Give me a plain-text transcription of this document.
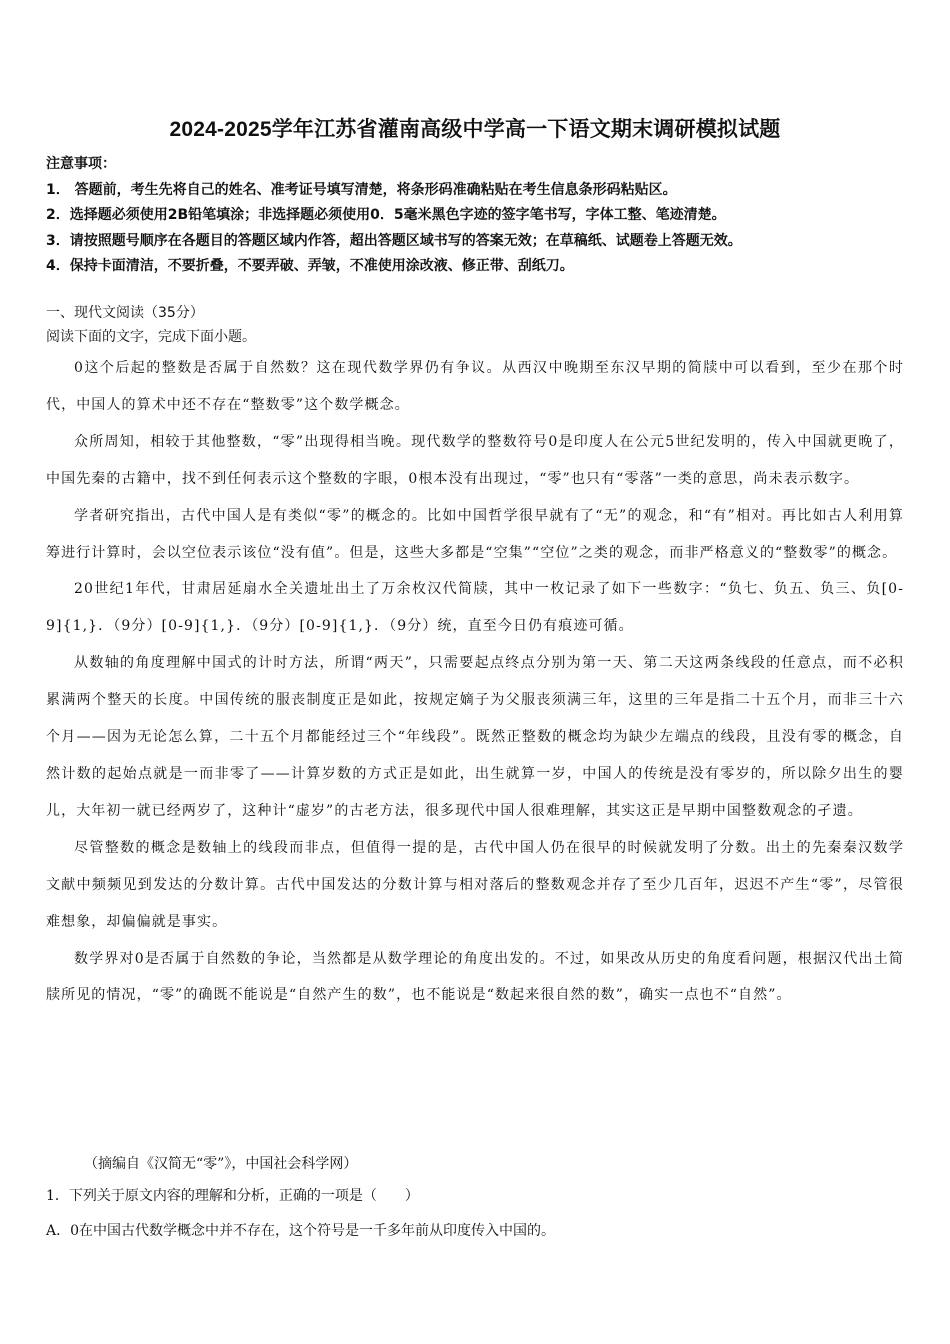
2024-2025学年江苏省灌南高级中学高一下语文期末调研模拟试题
注意事项：
1． 答题前，考生先将自己的姓名、准考证号填写清楚，将条形码准确粘贴在考生信息条形码粘贴区。
2．选择题必须使用2B铅笔填涂；非选择题必须使用0．5毫米黑色字迹的签字笔书写，字体工整、笔迹清楚。
3．请按照题号顺序在各题目的答题区域内作答，超出答题区域书写的答案无效；在草稿纸、试题卷上答题无效。
4．保持卡面清洁，不要折叠，不要弄破、弄皱，不准使用涂改液、修正带、刮纸刀。
一、现代文阅读（35分）
阅读下面的文字，完成下面小题。

0这个后起的整数是否属于自然数？这在现代数学界仍有争议。从西汉中晚期至东汉早期的简牍中可以看到，至少在那个时代，中国人的算术中还不存在“整数零”这个数学概念。

众所周知，相较于其他整数，“零”出现得相当晚。现代数学的整数符号0是印度人在公元5世纪发明的，传入中国就更晚了，中国先秦的古籍中，找不到任何表示这个整数的字眼，0根本没有出现过，“零”也只有“零落”一类的意思，尚未表示数字。

学者研究指出，古代中国人是有类似“零”的概念的。比如中国哲学很早就有了“无”的观念，和“有”相对。再比如古人利用算筹进行计算时，会以空位表示该位“没有值”。但是，这些大多都是“空集”“空位”之类的观念，而非严格意义的“整数零”的概念。

20世纪1年代，甘肃居延扇水全关遗址出土了万余枚汉代简牍，其中一枚记录了如下一些数字：“负七、负五、负三、负[0-9]{1,}．（9分）[0-9]{1,}．（9分）[0-9]{1,}．（9分）统，直至今日仍有痕迹可循。

从数轴的角度理解中国式的计时方法，所谓“两天”，只需要起点终点分别为第一天、第二天这两条线段的任意点，而不必积累满两个整天的长度。中国传统的服丧制度正是如此，按规定嫡子为父服丧须满三年，这里的三年是指二十五个月，而非三十六个月——因为无论怎么算，二十五个月都能经过三个“年线段”。既然正整数的概念均为缺少左端点的线段，且没有零的概念，自然计数的起始点就是一而非零了——计算岁数的方式正是如此，出生就算一岁，中国人的传统是没有零岁的，所以除夕出生的婴儿，大年初一就已经两岁了，这种计“虚岁”的古老方法，很多现代中国人很难理解，其实这正是早期中国整数观念的孑遗。

尽管整数的概念是数轴上的线段而非点，但值得一提的是，古代中国人仍在很早的时候就发明了分数。出土的先秦秦汉数学文献中频频见到发达的分数计算。古代中国发达的分数计算与相对落后的整数观念并存了至少几百年，迟迟不产生“零”，尽管很难想象，却偏偏就是事实。

数学界对0是否属于自然数的争论，当然都是从数学理论的角度出发的。不过，如果改从历史的角度看问题，根据汉代出土简牍所见的情况，“零”的确既不能说是“自然产生的数”，也不能说是“数起来很自然的数”，确实一点也不“自然”。

（摘编自《汉简无“零”》，中国社会科学网）
1．下列关于原文内容的理解和分析，正确的一项是（　　）
A．0在中国古代数学概念中并不存在，这个符号是一千多年前从印度传入中国的。
